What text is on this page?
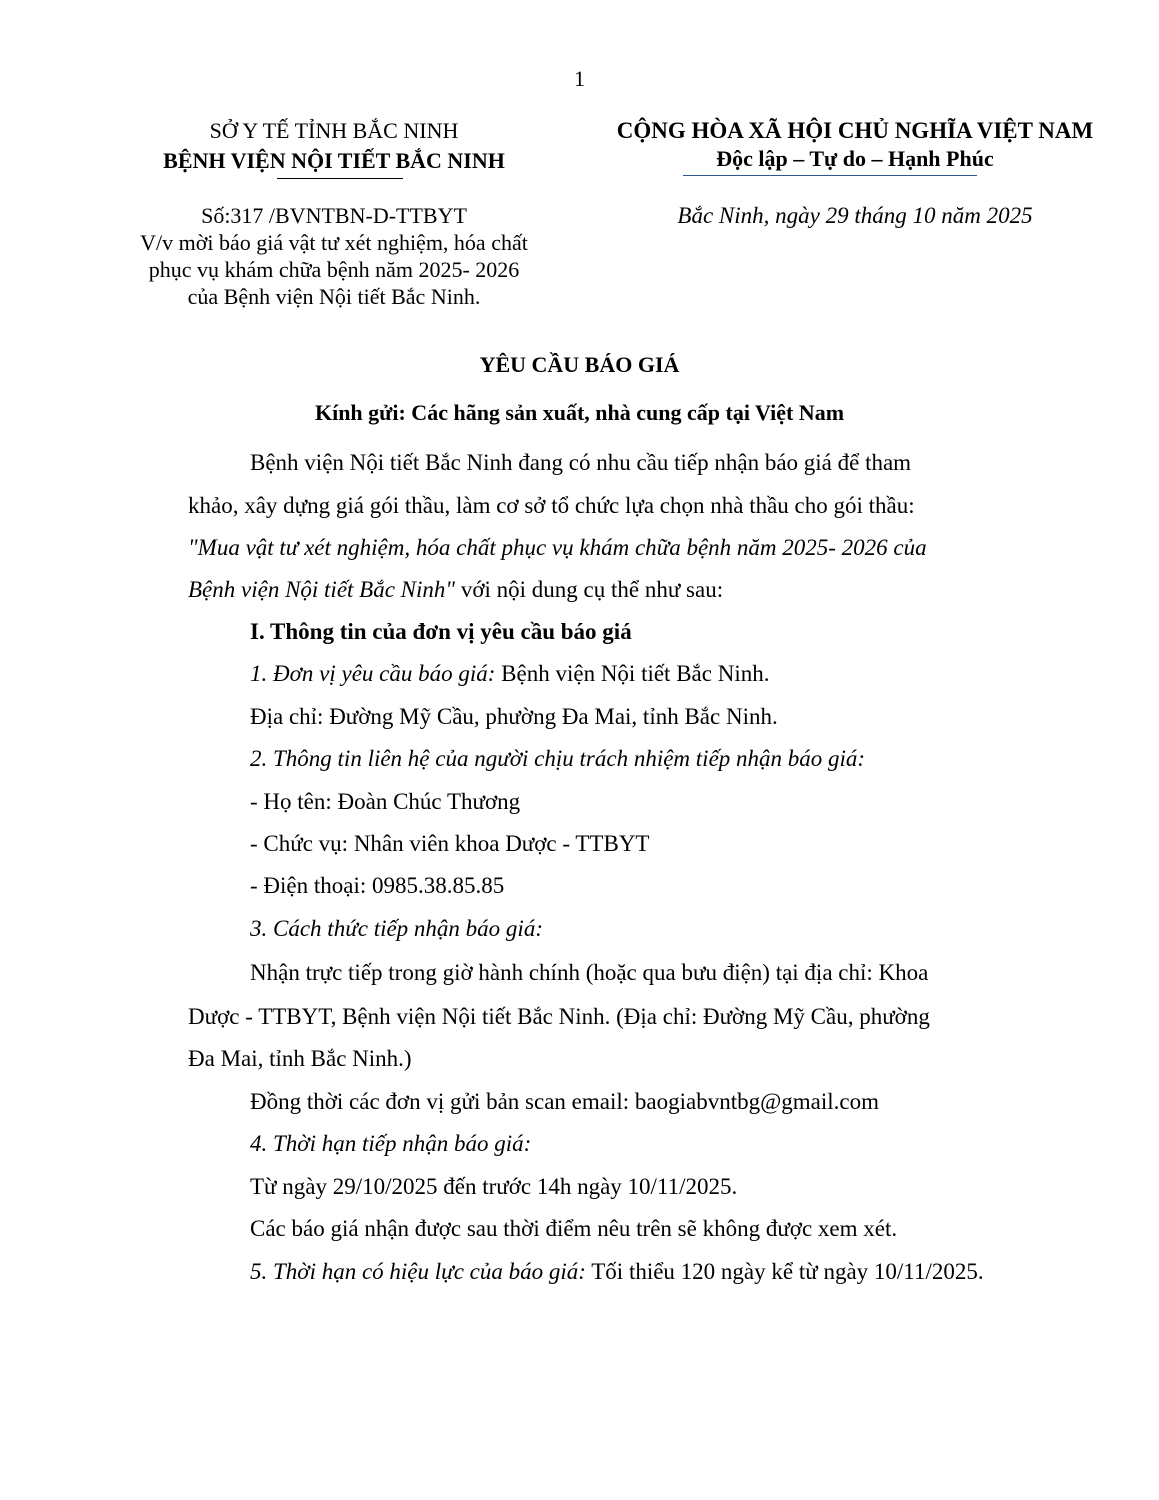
1
SỞ Y TẾ TỈNH BẮC NINH
BỆNH VIỆN NỘI TIẾT BẮC NINH
Số:317 /BVNTBN-D-TTBYT
V/v mời báo giá vật tư xét nghiệm, hóa chất
phục vụ khám chữa bệnh năm 2025- 2026
của Bệnh viện Nội tiết Bắc Ninh.
CỘNG HÒA XÃ HỘI CHỦ NGHĨA VIỆT NAM
Độc lập – Tự do – Hạnh Phúc
Bắc Ninh, ngày 29 tháng 10 năm 2025
YÊU CẦU BÁO GIÁ
Kính gửi: Các hãng sản xuất, nhà cung cấp tại Việt Nam
Bệnh viện Nội tiết Bắc Ninh đang có nhu cầu tiếp nhận báo giá để tham
khảo, xây dựng giá gói thầu, làm cơ sở tổ chức lựa chọn nhà thầu cho gói thầu:
"Mua vật tư xét nghiệm, hóa chất phục vụ khám chữa bệnh năm 2025- 2026 của
Bệnh viện Nội tiết Bắc Ninh" với nội dung cụ thể như sau:
I. Thông tin của đơn vị yêu cầu báo giá
1. Đơn vị yêu cầu báo giá: Bệnh viện Nội tiết Bắc Ninh.
Địa chỉ: Đường Mỹ Cầu, phường Đa Mai, tỉnh Bắc Ninh.
2. Thông tin liên hệ của người chịu trách nhiệm tiếp nhận báo giá:
- Họ tên: Đoàn Chúc Thương
- Chức vụ: Nhân viên khoa Dược - TTBYT
- Điện thoại: 0985.38.85.85
3. Cách thức tiếp nhận báo giá:
Nhận trực tiếp trong giờ hành chính (hoặc qua bưu điện) tại địa chỉ: Khoa
Dược - TTBYT, Bệnh viện Nội tiết Bắc Ninh. (Địa chỉ: Đường Mỹ Cầu, phường
Đa Mai, tỉnh Bắc Ninh.)
Đồng thời các đơn vị gửi bản scan email: baogiabvntbg@gmail.com
4. Thời hạn tiếp nhận báo giá:
Từ ngày 29/10/2025 đến trước 14h ngày 10/11/2025.
Các báo giá nhận được sau thời điểm nêu trên sẽ không được xem xét.
5. Thời hạn có hiệu lực của báo giá: Tối thiểu 120 ngày kể từ ngày 10/11/2025.
